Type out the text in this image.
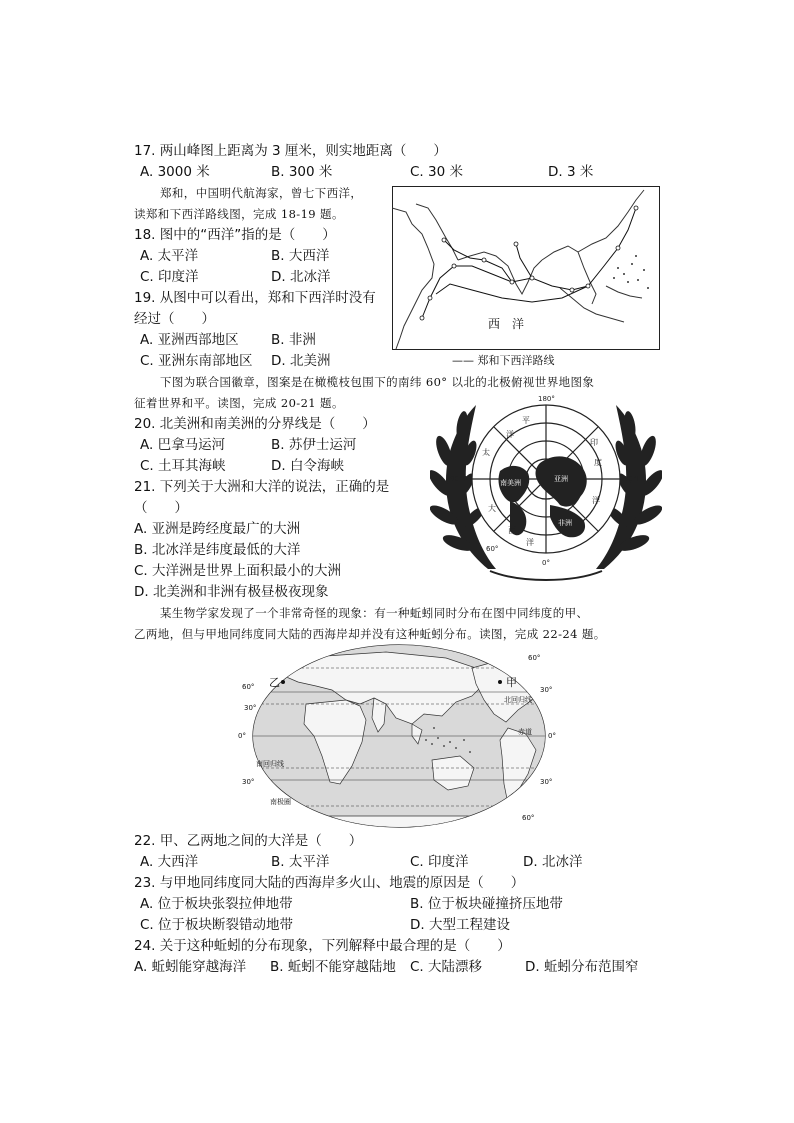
17. 两山峰图上距离为 3 厘米，则实地距离（　　）
A. 3000 米	B. 300 米	C. 30 米	D. 3 米
郑和，中国明代航海家，曾七下西洋，
读郑和下西洋路线图，完成 18-19 题。
18. 图中的“西洋”指的是（　　）
A. 太平洋	B. 大西洋
C. 印度洋	D. 北冰洋
19. 从图中可以看出，郑和下西洋时没有
经过（　　）
A. 亚洲西部地区 B. 非洲
C. 亚洲东南部地区 D. 北美洲
西　洋
—— 郑和下西洋路线
下图为联合国徽章，图案是在橄榄枝包围下的南纬 60° 以北的北极俯视世界地图象
征着世界和平。读图，完成 20-21 题。
20. 北美洲和南美洲的分界线是（　　）
A. 巴拿马运河	B. 苏伊士运河
C. 土耳其海峡	D. 白令海峡
21. 下列关于大洲和大洋的说法，正确的是
（　　）
A. 亚洲是跨经度最广的大洲
B. 北冰洋是纬度最低的大洋
C. 大洋洲是世界上面积最小的大洲
D. 北美洲和非洲有极昼极夜现象
180°
0°
90°W	90°E
60°
平
洋
太
大
印
度
洋
西
洋
南美洲	亚洲
非洲
某生物学家发现了一个非常奇怪的现象：有一种蚯蚓同时分布在图中同纬度的甲、
乙两地，但与甲地同纬度同大陆的西海岸却并没有这种蚯蚓分布。读图，完成 22-24 题。
60°
30°
0°
30°
60°
30°
0°
30°
60°
北回归线
南回归线
赤道
南极圈
乙	甲
22. 甲、乙两地之间的大洋是（　　）
A. 大西洋	B. 太平洋	C. 印度洋	D. 北冰洋
23. 与甲地同纬度同大陆的西海岸多火山、地震的原因是（　　）
A. 位于板块张裂拉伸地带	B. 位于板块碰撞挤压地带
C. 位于板块断裂错动地带	D. 大型工程建设
24. 关于这种蚯蚓的分布现象，下列解释中最合理的是（　　）
A. 蚯蚓能穿越海洋 B. 蚯蚓不能穿越陆地 C. 大陆漂移	D. 蚯蚓分布范围窄
